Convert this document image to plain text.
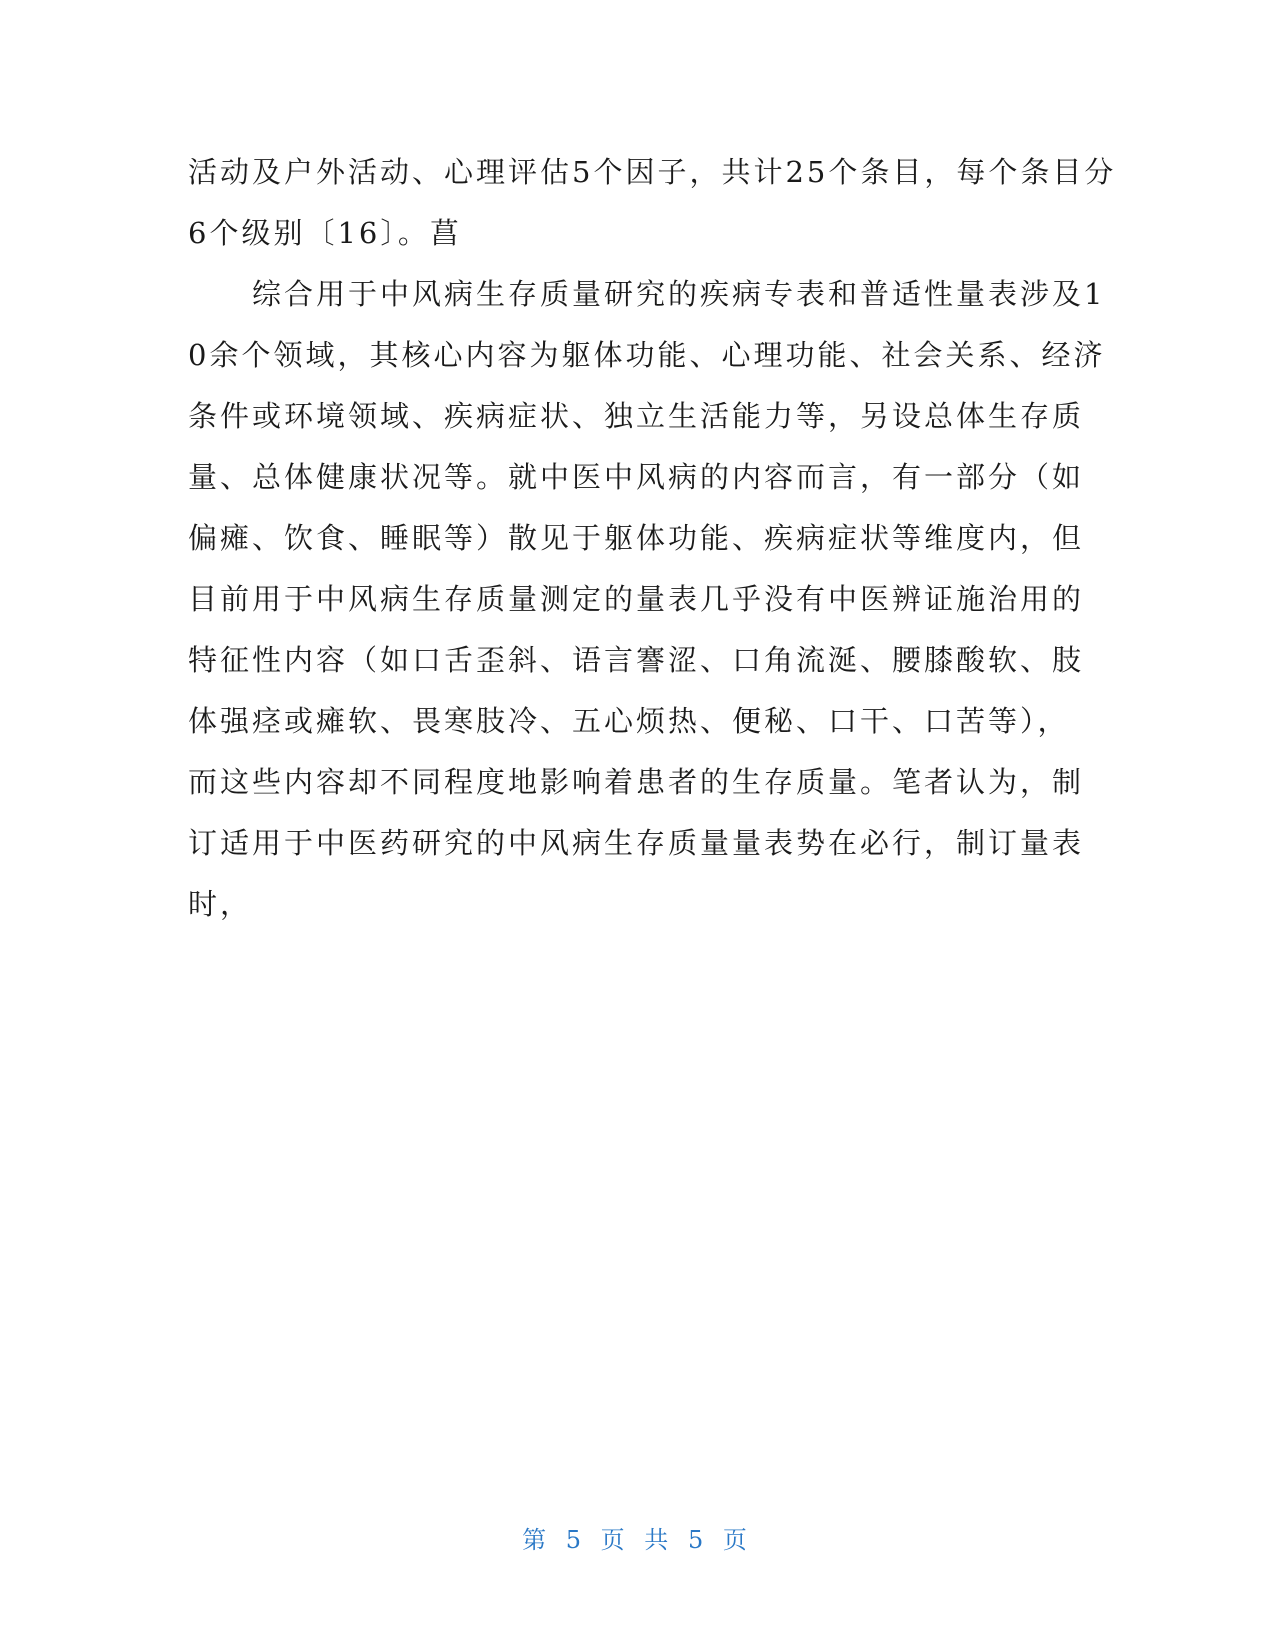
活动及户外活动、心理评估5个因子，共计25个条目，每个条目分
6个级别〔16〕。菖
　　综合用于中风病生存质量研究的疾病专表和普适性量表涉及1
0余个领域，其核心内容为躯体功能、心理功能、社会关系、经济
条件或环境领域、疾病症状、独立生活能力等，另设总体生存质
量、总体健康状况等。就中医中风病的内容而言，有一部分（如
偏瘫、饮食、睡眠等）散见于躯体功能、疾病症状等维度内，但
目前用于中风病生存质量测定的量表几乎没有中医辨证施治用的
特征性内容（如口舌歪斜、语言謇涩、口角流涎、腰膝酸软、肢
体强痉或瘫软、畏寒肢冷、五心烦热、便秘、口干、口苦等），
而这些内容却不同程度地影响着患者的生存质量。笔者认为，制
订适用于中医药研究的中风病生存质量量表势在必行，制订量表
时，
第 5 页 共 5 页
